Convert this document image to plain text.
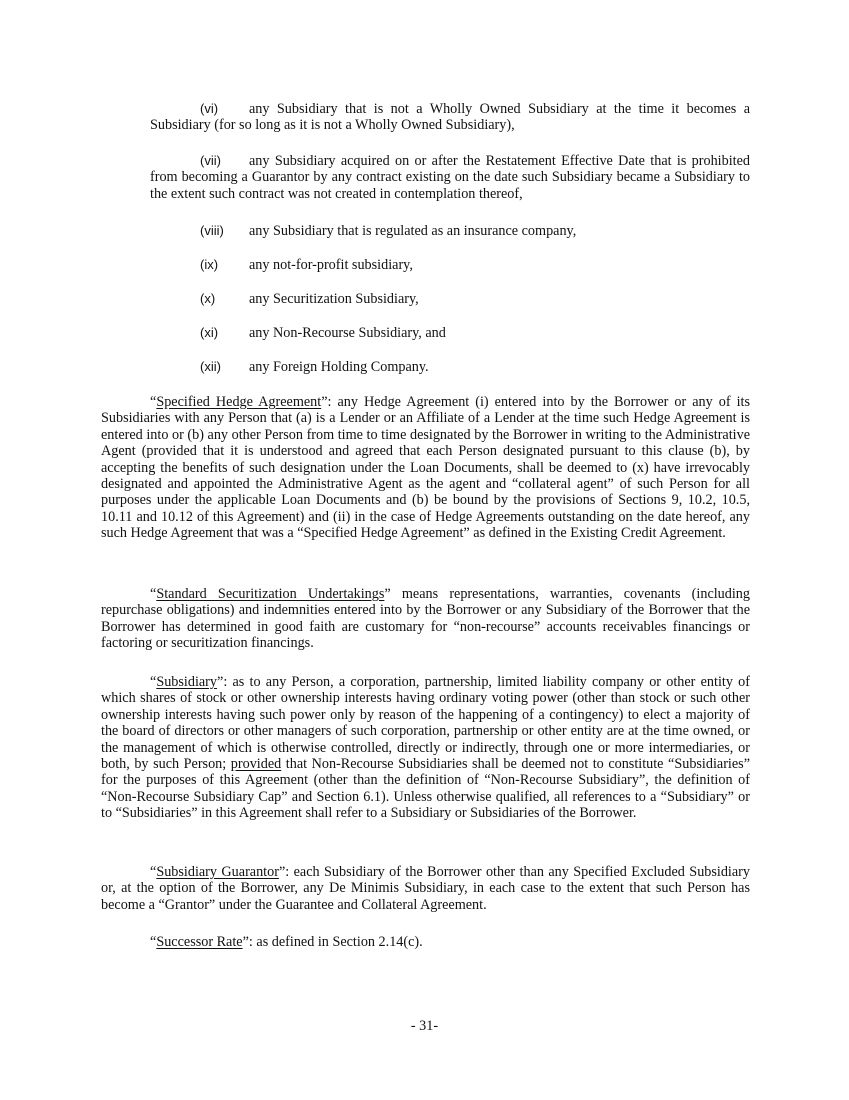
(vi) any Subsidiary that is not a Wholly Owned Subsidiary at the time it becomes a Subsidiary (for so long as it is not a Wholly Owned Subsidiary),

(vii) any Subsidiary acquired on or after the Restatement Effective Date that is prohibited from becoming a Guarantor by any contract existing on the date such Subsidiary became a Subsidiary to the extent such contract was not created in contemplation thereof,

(viii) any Subsidiary that is regulated as an insurance company,

(ix) any not-for-profit subsidiary,

(x) any Securitization Subsidiary,

(xi) any Non-Recourse Subsidiary, and

(xii) any Foreign Holding Company.

“Specified Hedge Agreement”: any Hedge Agreement (i) entered into by the Borrower or any of its Subsidiaries with any Person that (a) is a Lender or an Affiliate of a Lender at the time such Hedge Agreement is entered into or (b) any other Person from time to time designated by the Borrower in writing to the Administrative Agent (provided that it is understood and agreed that each Person designated pursuant to this clause (b), by accepting the benefits of such designation under the Loan Documents, shall be deemed to (x) have irrevocably designated and appointed the Administrative Agent as the agent and “collateral agent” of such Person for all purposes under the applicable Loan Documents and (b) be bound by the provisions of Sections 9, 10.2, 10.5, 10.11 and 10.12 of this Agreement) and (ii) in the case of Hedge Agreements outstanding on the date hereof, any such Hedge Agreement that was a “Specified Hedge Agreement” as defined in the Existing Credit Agreement.

“Standard Securitization Undertakings” means representations, warranties, covenants (including repurchase obligations) and indemnities entered into by the Borrower or any Subsidiary of the Borrower that the Borrower has determined in good faith are customary for “non-recourse” accounts receivables financings or factoring or securitization financings.

“Subsidiary”: as to any Person, a corporation, partnership, limited liability company or other entity of which shares of stock or other ownership interests having ordinary voting power (other than stock or such other ownership interests having such power only by reason of the happening of a contingency) to elect a majority of the board of directors or other managers of such corporation, partnership or other entity are at the time owned, or the management of which is otherwise controlled, directly or indirectly, through one or more intermediaries, or both, by such Person; provided that Non-Recourse Subsidiaries shall be deemed not to constitute “Subsidiaries” for the purposes of this Agreement (other than the definition of “Non-Recourse Subsidiary”, the definition of “Non-Recourse Subsidiary Cap” and Section 6.1). Unless otherwise qualified, all references to a “Subsidiary” or to “Subsidiaries” in this Agreement shall refer to a Subsidiary or Subsidiaries of the Borrower.

“Subsidiary Guarantor”: each Subsidiary of the Borrower other than any Specified Excluded Subsidiary or, at the option of the Borrower, any De Minimis Subsidiary, in each case to the extent that such Person has become a “Grantor” under the Guarantee and Collateral Agreement.

“Successor Rate”: as defined in Section 2.14(c).

- 31-
